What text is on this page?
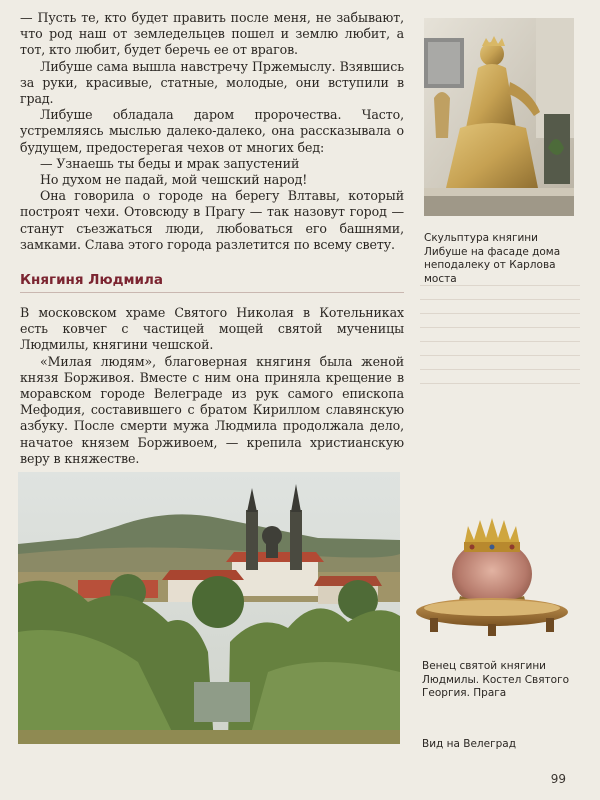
— Пусть те, кто будет править после меня, не забывают, что род наш от земледельцев пошел и землю любит, а тот, кто любит, будет беречь ее от врагов.

Либуше сама вышла навстречу Пржемыслу. Взявшись за руки, красивые, статные, молодые, они вступили в град.

Либуше обладала даром пророчества. Часто, устремляясь мыслью далеко-далеко, она рассказывала о будущем, предостерегая чехов от многих бед:

— Узнаешь ты беды и мрак запустений

Но духом не падай, мой чешский народ!

Она говорила о городе на берегу Влтавы, который построят чехи. Отовсюду в Прагу — так назовут город — станут съезжаться люди, любоваться его башнями, замками. Слава этого города разлетится по всему свету.	Скульптура княгини Либуше на фасаде дома неподалеку от Карлова моста
Княгиня Людмила

В московском храме Святого Николая в Котельниках есть ковчег с частицей мощей святой мученицы Людмилы, княгини чешской.

«Милая людям», благоверная княгиня была женой князя Борживоя. Вместе с ним она приняла крещение в моравском городе Велеграде из рук самого епископа Мефодия, составившего с братом Кириллом славянскую азбуку. После смерти мужа Людмила продолжала дело, начатое князем Борживоем, — крепила христианскую веру в княжестве.

Вид на Велеград
Венец святой княгини Людмилы. Костел Святого Георгия. Прага
99
